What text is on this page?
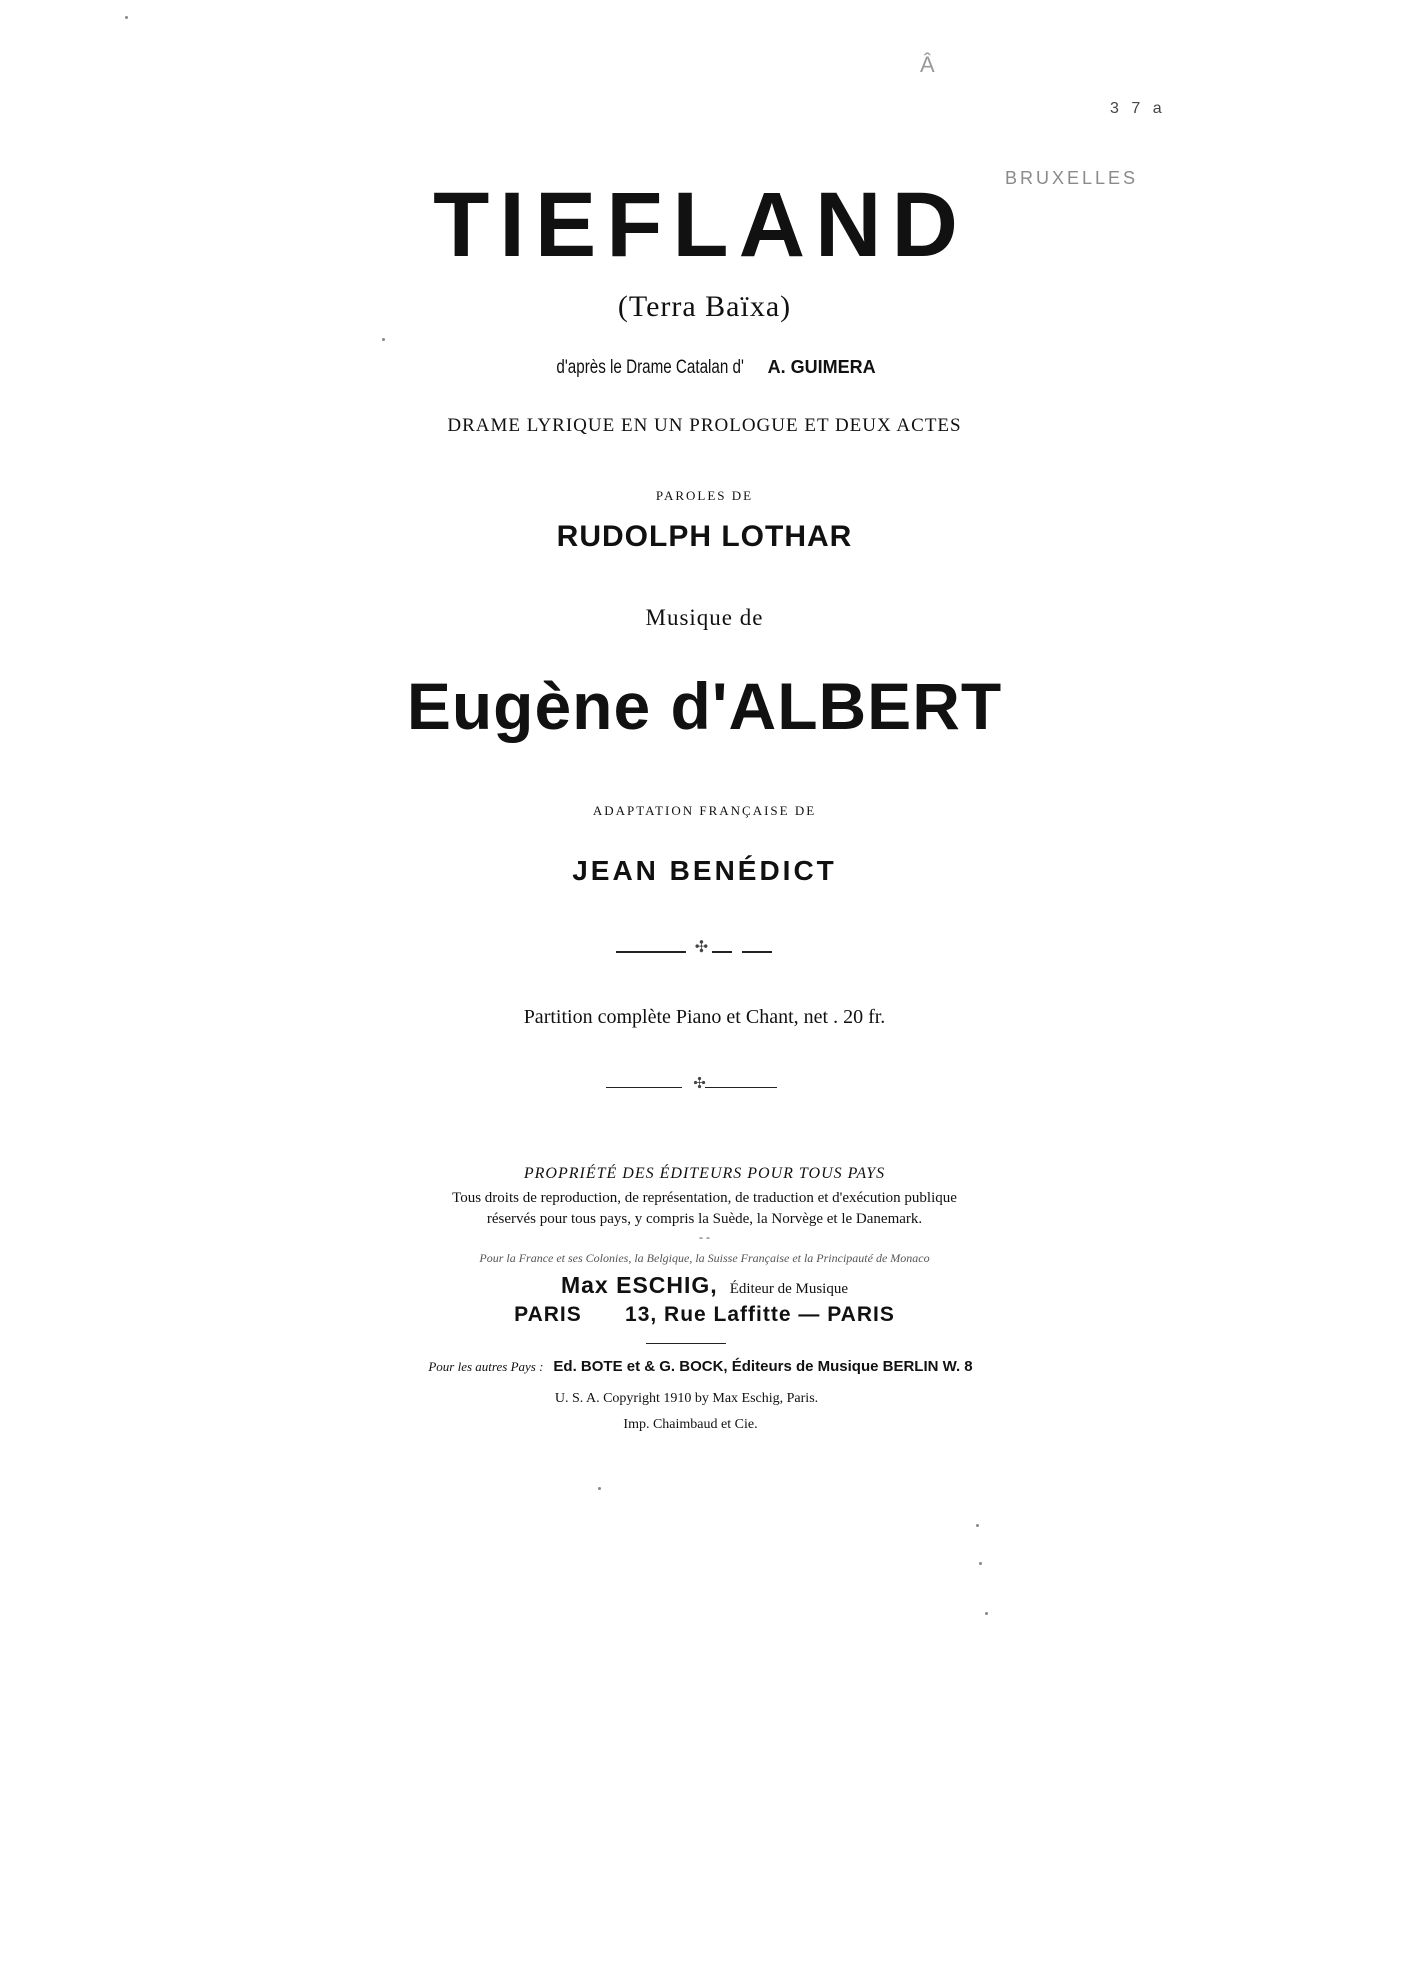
Â
3 7 a
BRUXELLES
TIEFLAND
(Terra Baïxa)
d'après le Drame Catalan d' A. GUIMERA
DRAME LYRIQUE EN UN PROLOGUE ET DEUX ACTES
PAROLES DE
RUDOLPH LOTHAR
Musique de
Eugène d'ALBERT
ADAPTATION FRANÇAISE DE
JEAN BENÉDICT
✣
Partition complète Piano et Chant, net . 20 fr.
✣
PROPRIÉTÉ DES ÉDITEURS POUR TOUS PAYS
Tous droits de reproduction, de représentation, de traduction et d'exécution publique
réservés pour tous pays, y compris la Suède, la Norvège et le Danemark.
- -
Pour la France et ses Colonies, la Belgique, la Suisse Française et la Principauté de Monaco
Max ESCHIG, Éditeur de Musique
PARIS 13, Rue Laffitte — PARIS
Pour les autres Pays : Ed. BOTE et & G. BOCK, Éditeurs de Musique BERLIN W. 8
U. S. A. Copyright 1910 by Max Eschig, Paris.
Imp. Chaimbaud et Cie.
